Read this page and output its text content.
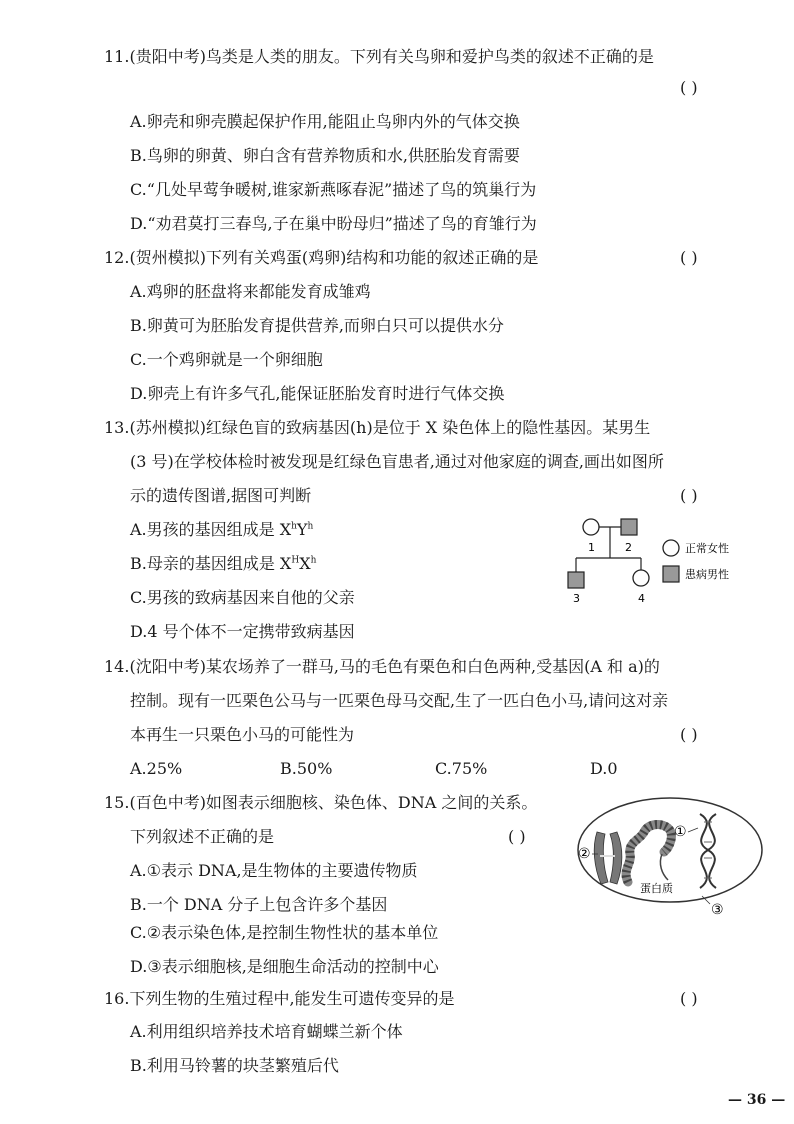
11.(贵阳中考)鸟类是人类的朋友。下列有关鸟卵和爱护鸟类的叙述不正确的是
( )
A.卵壳和卵壳膜起保护作用,能阻止鸟卵内外的气体交换
B.鸟卵的卵黄、卵白含有营养物质和水,供胚胎发育需要
C.“几处早莺争暖树,谁家新燕啄春泥”描述了鸟的筑巢行为
D.“劝君莫打三春鸟,子在巢中盼母归”描述了鸟的育雏行为
12.(贺州模拟)下列有关鸡蛋(鸡卵)结构和功能的叙述正确的是	( )
A.鸡卵的胚盘将来都能发育成雏鸡
B.卵黄可为胚胎发育提供营养,而卵白只可以提供水分
C.一个鸡卵就是一个卵细胞
D.卵壳上有许多气孔,能保证胚胎发育时进行气体交换
13.(苏州模拟)红绿色盲的致病基因(h)是位于 X 染色体上的隐性基因。某男生
(3 号)在学校体检时被发现是红绿色盲患者,通过对他家庭的调查,画出如图所
示的遗传图谱,据图可判断	( )
A.男孩的基因组成是 $X^hY^h$
B.母亲的基因组成是 $X^HX^h$
C.男孩的致病基因来自他的父亲
D.4 号个体不一定携带致病基因
1	2
3	4
正常女性
患病男性
14.(沈阳中考)某农场养了一群马,马的毛色有栗色和白色两种,受基因(A 和 a)的
控制。现有一匹栗色公马与一匹栗色母马交配,生了一匹白色小马,请问这对亲
本再生一只栗色小马的可能性为	( )
A.25%	B.50%	C.75%	D.0
15.(百色中考)如图表示细胞核、染色体、DNA 之间的关系。
下列叙述不正确的是	( )
A.①表示 DNA,是生物体的主要遗传物质
B.一个 DNA 分子上包含许多个基因
C.②表示染色体,是控制生物性状的基本单位
D.③表示细胞核,是细胞生命活动的控制中心
②
①
③
蛋白质
16.下列生物的生殖过程中,能发生可遗传变异的是	( )
A.利用组织培养技术培育蝴蝶兰新个体
B.利用马铃薯的块茎繁殖后代
— 36 —
